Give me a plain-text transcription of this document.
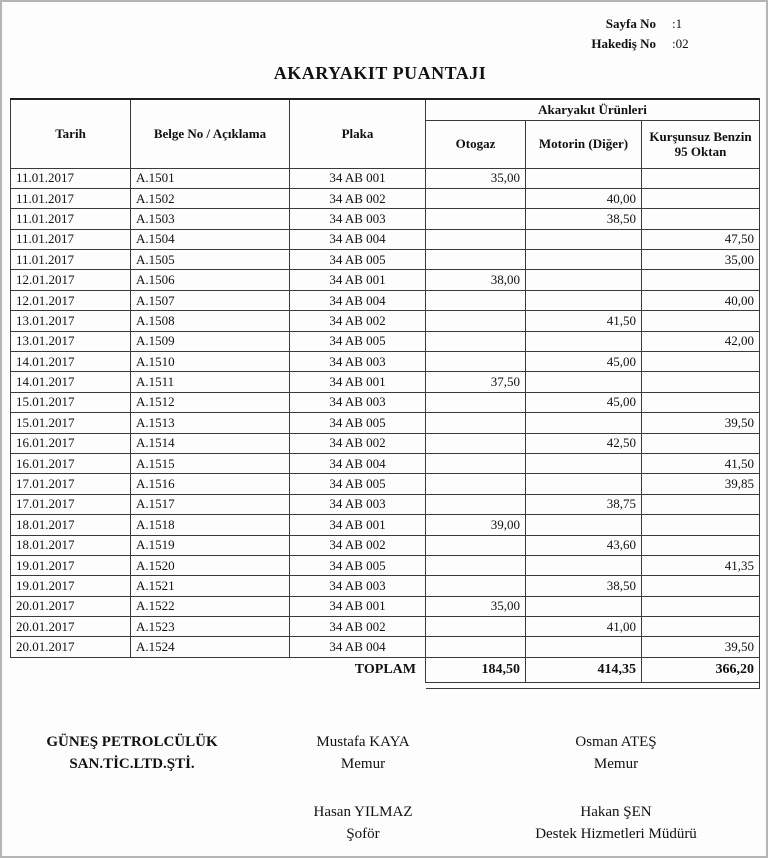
Sayfa No :1
Hakediş No :02
AKARYAKIT PUANTAJI
Tarih	Belge No / Açıklama	Plaka	Akaryakıt Ürünleri		
			Otogaz	Motorin (Diğer)	Kurşunsuz Benzin 95 Oktan
11.01.2017	A.1501	34 AB 001	35,00		
11.01.2017	A.1502	34 AB 002		40,00	
11.01.2017	A.1503	34 AB 003		38,50	
11.01.2017	A.1504	34 AB 004			47,50
11.01.2017	A.1505	34 AB 005			35,00
12.01.2017	A.1506	34 AB 001	38,00		
12.01.2017	A.1507	34 AB 004			40,00
13.01.2017	A.1508	34 AB 002		41,50	
13.01.2017	A.1509	34 AB 005			42,00
14.01.2017	A.1510	34 AB 003		45,00	
14.01.2017	A.1511	34 AB 001	37,50		
15.01.2017	A.1512	34 AB 003		45,00	
15.01.2017	A.1513	34 AB 005			39,50
16.01.2017	A.1514	34 AB 002		42,50	
16.01.2017	A.1515	34 AB 004			41,50
17.01.2017	A.1516	34 AB 005			39,85
17.01.2017	A.1517	34 AB 003		38,75	
18.01.2017	A.1518	34 AB 001	39,00		
18.01.2017	A.1519	34 AB 002		43,60	
19.01.2017	A.1520	34 AB 005			41,35
19.01.2017	A.1521	34 AB 003		38,50	
20.01.2017	A.1522	34 AB 001	35,00		
20.01.2017	A.1523	34 AB 002		41,00	
20.01.2017	A.1524	34 AB 004			39,50
TOPLAM			184,50	414,35	366,20

GÜNEŞ PETROLCÜLÜK
SAN.TİC.LTD.ŞTİ.
Mustafa KAYA
Memur
Osman ATEŞ
Memur
Hasan YILMAZ
Şoför
Hakan ŞEN
Destek Hizmetleri Müdürü
